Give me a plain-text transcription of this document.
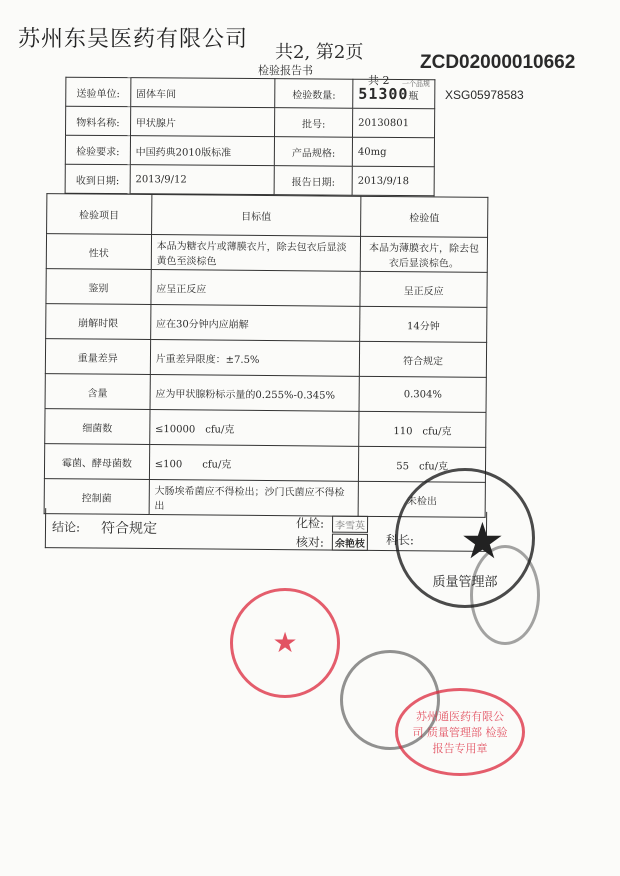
苏州东吴医药有限公司
共2, 第2页	ZCD02000010662
检验报告书
共 2 一个品规
XSG05978583
送验单位:	固体车间	检验数量:	51300瓶
物料名称:	甲状腺片	批号:	20130801
检验要求:	中国药典2010版标准	产品规格:	40mg
收到日期:	2013/9/12	报告日期:	2013/9/18
检验项目	目标值	检验值
性状	本品为糖衣片或薄膜衣片，除去包衣后显淡黄色至淡棕色	本品为薄膜衣片，除去包衣后显淡棕色。
鉴别	应呈正反应	呈正反应
崩解时限	应在30分钟内应崩解	14分钟
重量差异	片重差异限度：±7.5%	符合规定
含量	应为甲状腺粉标示量的0.255%-0.345%	0.304%
细菌数	≤10000　cfu/克	110　cfu/克
霉菌、酵母菌数	≤100　　cfu/克	55　cfu/克
控制菌	大肠埃希菌应不得检出；沙门氏菌应不得检出	未检出
结论: 符合规定	化检:	李雪英
核对:	余艳枝 科长: ★
质量管理部
★
苏州通医药有限公司 质量管理部 检验报告专用章
